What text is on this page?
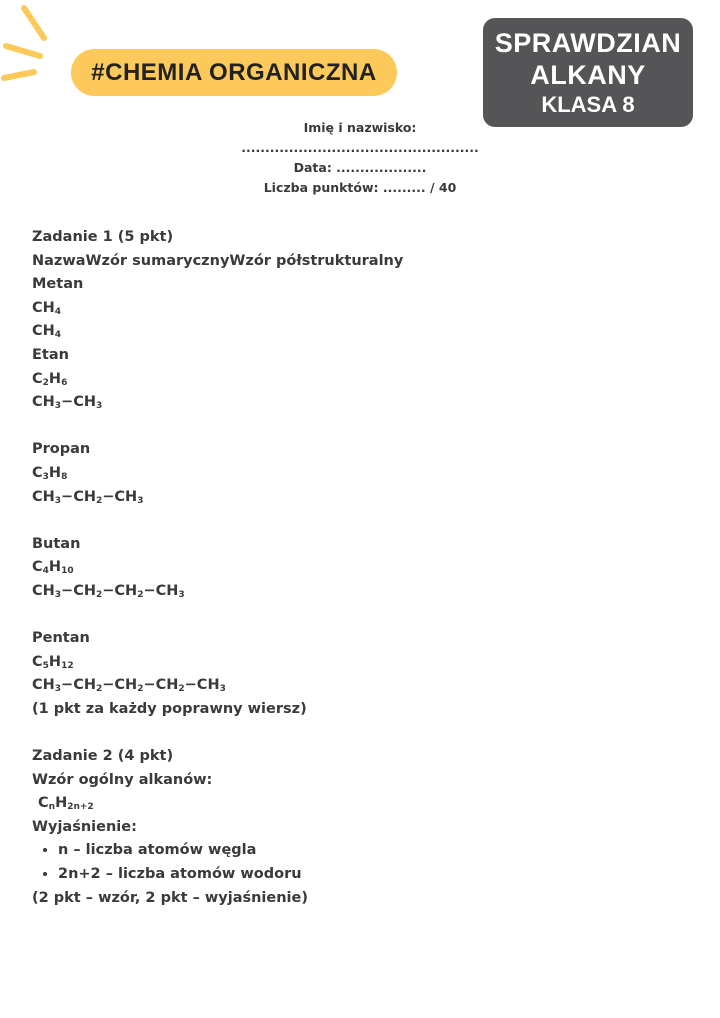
#CHEMIA ORGANICZNA
SPRAWDZIAN
ALKANY
KLASA 8
Imię i nazwisko: ..................................................
Data: ...................
Liczba punktów: ......... / 40
Zadanie 1 (5 pkt)
NazwaWzór sumarycznyWzór półstrukturalny
Metan
$CH_4$
$CH_4$
Etan
$C_2H_6$
$CH_3-CH_3$
Propan
$C_3H_8$
$CH_3-CH_2-CH_3$
Butan
$C_4H_{10}$
$CH_3-CH_2-CH_2-CH_3$
Pentan
$C_5H_{12}$
$CH_3-CH_2-CH_2-CH_2-CH_3$
(1 pkt za każdy poprawny wiersz)
Zadanie 2 (4 pkt)
Wzór ogólny alkanów:
$C_nH_{2n+2}$
Wyjaśnienie:
• n – liczba atomów węgla
• 2n+2 – liczba atomów wodoru
(2 pkt – wzór, 2 pkt – wyjaśnienie)
